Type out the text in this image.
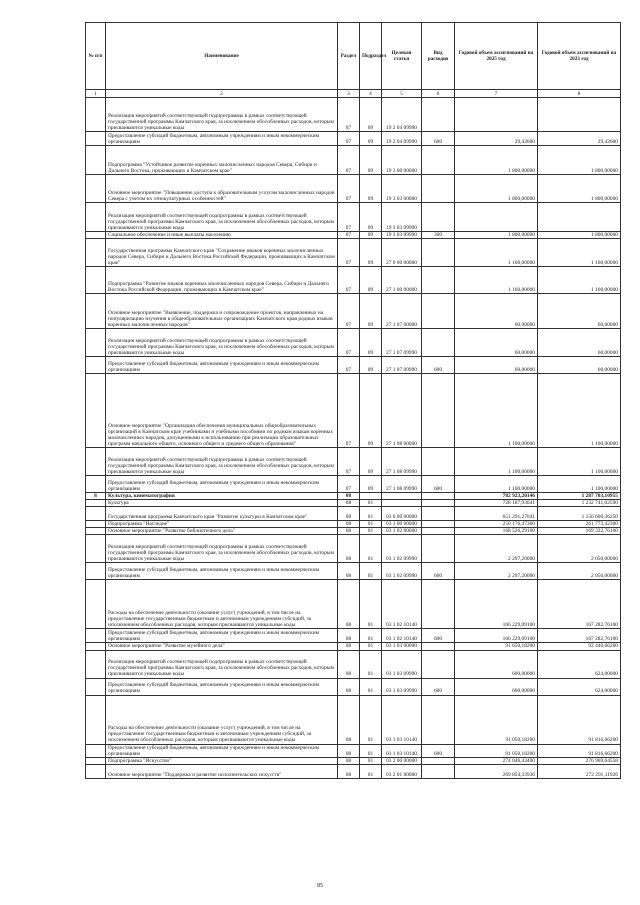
№ п/п	Наименование	Раздел	Подраздел	Целевая статья	Вид расходов	Годовой объем ассигнований на 2025 год	Годовой объем ассигнований на 2023 год
1	2	3	4	5	6	7	8
	Реализация мероприятий соответствующей подпрограммы в рамках соответствующей государственной программы Камчатского края, за исключением обособленных расходов, которым присваиваются уникальные коды	07	09	19 2 04 09990			
	Предоставление субсидий бюджетным, автономным учреждениям и иным некоммерческим организациям	07	09	19 2 04 09990	600	29,42600	29,42600
	Подпрограмма "Устойчивое развитие коренных малочисленных народов Севера, Сибири и Дальнего Востока, проживающих в Камчатском крае"	07	09	19 3 00 00000		1 800,00000	1 800,00000
	Основное мероприятие "Повышение доступа к образовательным услугам малочисленных народов Севера с учетом их этнокультурных особенностей"	07	09	19 3 03 00000		1 800,00000	1 800,00000
	Реализация мероприятий соответствующей подпрограммы в рамках соответствующей государственной программы Камчатского края, за исключением обособленных расходов, которым присваиваются уникальные коды	07	09	19 3 03 09990			
	Социальное обеспечение и иные выплаты населению	07	09	19 3 03 09990	300	1 800,00000	1 800,00000
	Государственная программа Камчатского края "Сохранение языков коренных малочисленных народов Севера, Сибири и Дальнего Востока Российской Федерации, проживающих в Камчатском крае"	07	09	27 0 00 00000		1 160,00000	1 160,00000
	Подпрограмма "Развитие языков коренных малочисленных народов Севера, Сибири и Дальнего Востока Российской Федерации, проживающих в Камчатском крае"	07	09	27 1 00 00000		1 160,00000	1 160,00000
	Основное мероприятие "Выявление, поддержка и сопровождение проектов, направленных на популяризацию изучения в общеобразовательных организациях Камчатского края родных языков коренных малочисленных народов"	07	09	27 1 07 00000		60,00000	60,00000
	Реализация мероприятий соответствующей подпрограммы в рамках соответствующей государственной программы Камчатского края, за исключением обособленных расходов, которым присваиваются уникальные коды	07	09	27 1 07 09990		60,00000	60,00000
	Предоставление субсидий бюджетным, автономным учреждениям и иным некоммерческим организациям	07	09	27 1 07 09990	600	60,00000	60,00000
	Основное мероприятие "Организация обеспечения муниципальных общеобразовательных организаций в Камчатском крае учебниками и учебными пособиями по родным языкам коренных малочисленных народов, допущенными к использованию при реализации образовательных программ начального общего, основного общего и среднего общего образования"	07	09	27 1 08 00000		1 100,00000	1 100,00000
	Реализация мероприятий соответствующей подпрограммы в рамках соответствующей государственной программы Камчатского края, за исключением обособленных расходов, которым присваиваются уникальные коды	07	09	27 1 08 09990		1 100,00000	1 100,00000
	Предоставление субсидий бюджетным, автономным учреждениям и иным некоммерческим организациям	07	09	27 1 08 09990	600	1 100,00000	1 100,00000
8	Культура, кинематография	08				782 923,20146	1 287 703,10955
	Культура	08	01			728 187,93041	1 232 741,02590
	Государственная программа Камчатского края "Развитие культуры в Камчатском крае"	08	01	03 0 00 00000		651 291,27041	1 156 600,36250
	Подпрограмма "Наследие"	08	01	03 1 00 00000		250 176,47300	261 773,42300
	Основное мероприятие "Развитие библиотечного дела"	08	01	03 1 02 00000		168 526,29100	169 332,76100
	Реализация мероприятий соответствующей подпрограммы в рамках соответствующей государственной программы Камчатского края, за исключением обособленных расходов, которым присваиваются уникальные коды	08	01	03 1 02 09990		2 297,20000	2 050,00000
	Предоставление субсидий бюджетным, автономным учреждениям и иным некоммерческим организациям	08	01	03 1 02 09990	600	2 297,20000	2 050,00000
	Расходы на обеспечение деятельности (оказание услуг) учреждений, в том числе на предоставление государственным бюджетным и автономным учреждениям субсидий, за исключением обособленных расходов, которым присваиваются уникальные коды	08	01	03 1 02 10140		166 229,09100	167 282,76100
	Предоставление субсидий бюджетным, автономным учреждениям и иным некоммерческим организациям	08	01	03 1 02 10140	600	166 229,09100	167 282,76100
	Основное мероприятие "Развитие музейного дела"	08	01	03 1 03 00000		91 650,18200	92 440,66200
	Реализация мероприятий соответствующей подпрограммы в рамках соответствующей государственной программы Камчатского края, за исключением обособленных расходов, которым присваиваются уникальные коды	08	01	03 1 03 09990		600,00000	624,00000
	Предоставление субсидий бюджетным, автономным учреждениям и иным некоммерческим организациям	08	01	03 1 03 09990	600	600,00000	624,00000
	Расходы на обеспечение деятельности (оказание услуг) учреждений, в том числе на предоставление государственным бюджетным и автономным учреждениям субсидий, за исключением обособленных расходов, которым присваиваются уникальные коды	08	01	03 1 03 10140		91 050,18200	91 816,66200
	Предоставление субсидий бюджетным, автономным учреждениям и иным некоммерческим организациям	08	01	03 1 03 10140	600	91 050,18200	91 816,66200
	Подпрограмма "Искусство"	08	01	03 2 00 00000		274 046,43400	276 969,64558
	Основное мероприятие "Поддержка и развитие исполнительских искусств"	08	01	03 2 01 00000		269 854,33936	272 291,11926
85
